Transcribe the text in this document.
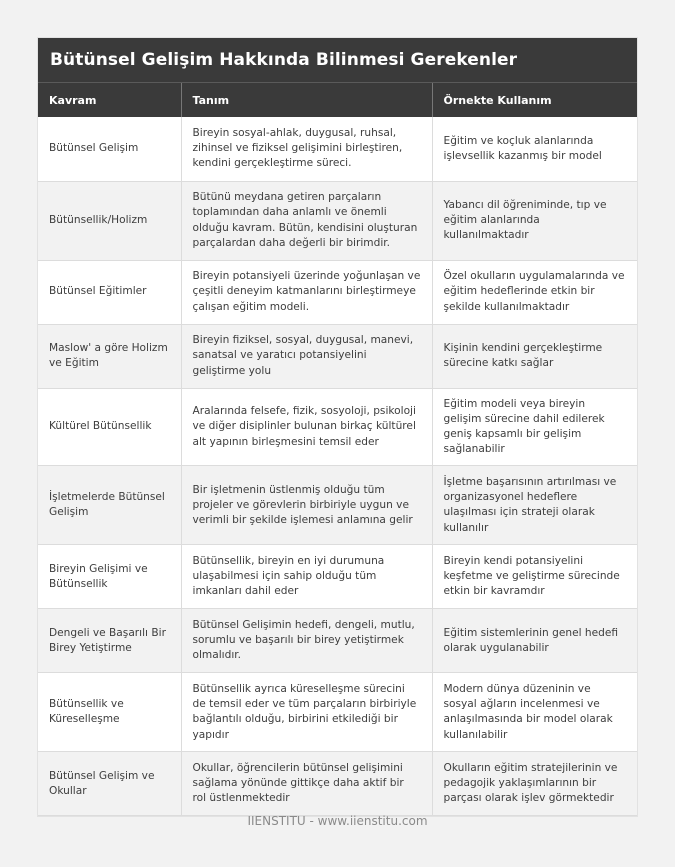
Bütünsel Gelişim Hakkında Bilinmesi Gerekenler
Kavram	Tanım	Örnekte Kullanım
Bütünsel Gelişim	Bireyin sosyal-ahlak, duygusal, ruhsal, zihinsel ve fiziksel gelişimini birleştiren, kendini gerçekleştirme süreci.	Eğitim ve koçluk alanlarında işlevsellik kazanmış bir model
Bütünsellik/Holizm	Bütünü meydana getiren parçaların toplamından daha anlamlı ve önemli olduğu kavram. Bütün, kendisini oluşturan parçalardan daha değerli bir birimdir.	Yabancı dil öğreniminde, tıp ve eğitim alanlarında kullanılmaktadır
Bütünsel Eğitimler	Bireyin potansiyeli üzerinde yoğunlaşan ve çeşitli deneyim katmanlarını birleştirmeye çalışan eğitim modeli.	Özel okulların uygulamalarında ve eğitim hedeflerinde etkin bir şekilde kullanılmaktadır
Maslow' a göre Holizm ve Eğitim	Bireyin fiziksel, sosyal, duygusal, manevi, sanatsal ve yaratıcı potansiyelini geliştirme yolu	Kişinin kendini gerçekleştirme sürecine katkı sağlar
Kültürel Bütünsellik	Aralarında felsefe, fizik, sosyoloji, psikoloji ve diğer disiplinler bulunan birkaç kültürel alt yapının birleşmesini temsil eder	Eğitim modeli veya bireyin gelişim sürecine dahil edilerek geniş kapsamlı bir gelişim sağlanabilir
İşletmelerde Bütünsel Gelişim	Bir işletmenin üstlenmiş olduğu tüm projeler ve görevlerin birbiriyle uygun ve verimli bir şekilde işlemesi anlamına gelir	İşletme başarısının artırılması ve organizasyonel hedeflere ulaşılması için strateji olarak kullanılır
Bireyin Gelişimi ve Bütünsellik	Bütünsellik, bireyin en iyi durumuna ulaşabilmesi için sahip olduğu tüm imkanları dahil eder	Bireyin kendi potansiyelini keşfetme ve geliştirme sürecinde etkin bir kavramdır
Dengeli ve Başarılı Bir Birey Yetiştirme	Bütünsel Gelişimin hedefi, dengeli, mutlu, sorumlu ve başarılı bir birey yetiştirmek olmalıdır.	Eğitim sistemlerinin genel hedefi olarak uygulanabilir
Bütünsellik ve Küreselleşme	Bütünsellik ayrıca küreselleşme sürecini de temsil eder ve tüm parçaların birbiriyle bağlantılı olduğu, birbirini etkilediği bir yapıdır	Modern dünya düzeninin ve sosyal ağların incelenmesi ve anlaşılmasında bir model olarak kullanılabilir
Bütünsel Gelişim ve Okullar	Okullar, öğrencilerin bütünsel gelişimini sağlama yönünde gittikçe daha aktif bir rol üstlenmektedir	Okulların eğitim stratejilerinin ve pedagojik yaklaşımlarının bir parçası olarak işlev görmektedir
IIENSTITU - www.iienstitu.com
